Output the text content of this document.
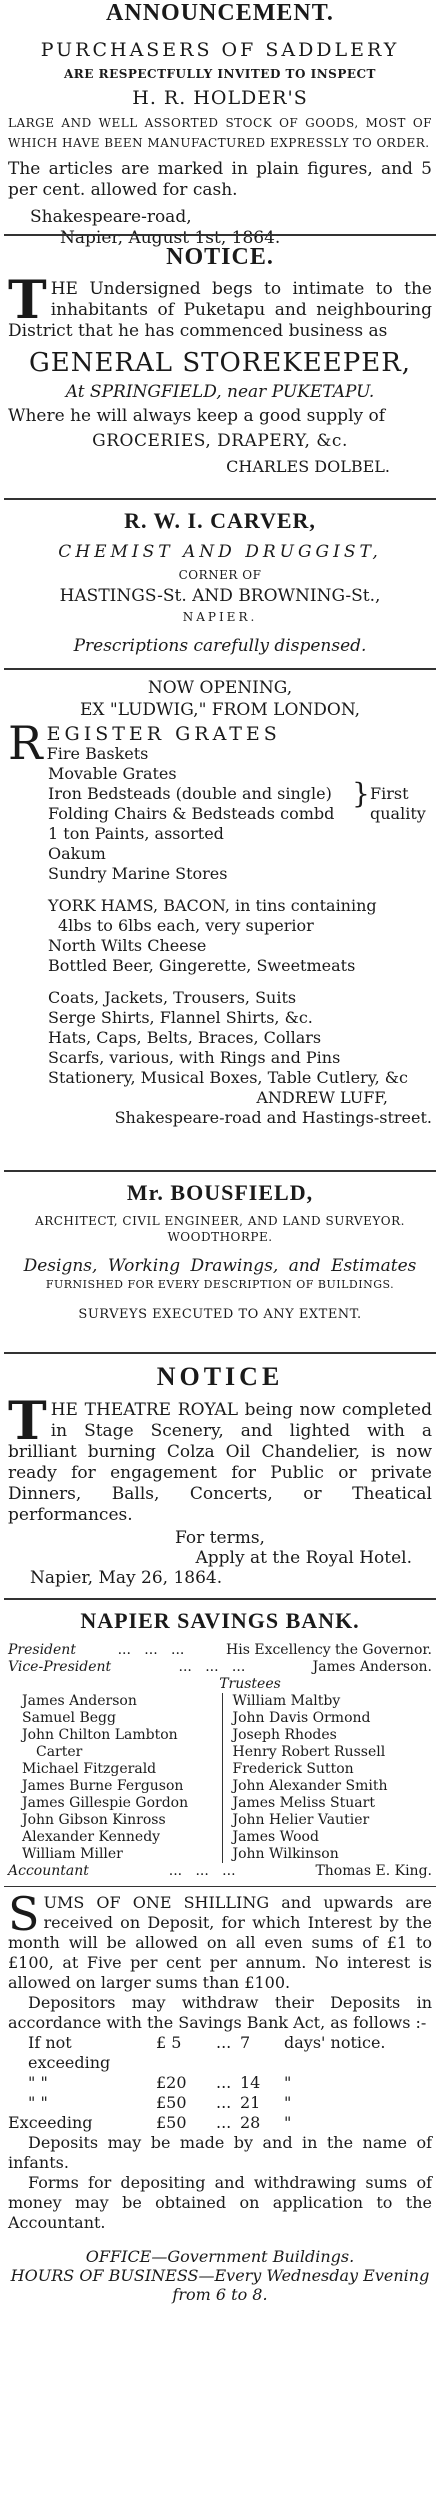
ANNOUNCEMENT.
PURCHASERS OF SADDLERY
ARE RESPECTFULLY INVITED TO INSPECT
H. R. HOLDER'S
LARGE AND WELL ASSORTED STOCK OF GOODS, MOST OF WHICH HAVE BEEN MANUFACTURED EXPRESSLY TO ORDER.
The articles are marked in plain figures, and 5 per cent. allowed for cash.
Shakespeare-road,
Napier, August 1st, 1864.
NOTICE.
THE Undersigned begs to intimate to the inhabitants of Puketapu and neighbouring District that he has commenced business as
GENERAL STOREKEEPER,
At SPRINGFIELD, near PUKETAPU.
Where he will always keep a good supply of
GROCERIES, DRAPERY, &c.
CHARLES DOLBEL.
R. W. I. CARVER,
CHEMIST AND DRUGGIST,
CORNER OF
HASTINGS-St. AND BROWNING-St.,
NAPIER.
Prescriptions carefully dispensed.
NOW OPENING,
EX "LUDWIG," FROM LONDON,
R EGISTER GRATES
Fire Baskets
Movable Grates
Iron Bedsteads (double and single)
Folding Chairs & Bedsteads combd
1 ton Paints, assorted
Oakum
Sundry Marine Stores
} First
quality
YORK HAMS, BACON, in tins containing
4lbs to 6lbs each, very superior
North Wilts Cheese
Bottled Beer, Gingerette, Sweetmeats
Coats, Jackets, Trousers, Suits
Serge Shirts, Flannel Shirts, &c.
Hats, Caps, Belts, Braces, Collars
Scarfs, various, with Rings and Pins
Stationery, Musical Boxes, Table Cutlery, &c
ANDREW LUFF,
Shakespeare-road and Hastings-street.
Mr. BOUSFIELD,
ARCHITECT, CIVIL ENGINEER, AND LAND SURVEYOR.
WOODTHORPE.
Designs, Working Drawings, and Estimates
FURNISHED FOR EVERY DESCRIPTION OF BUILDINGS.
SURVEYS EXECUTED TO ANY EXTENT.
NOTICE
THE THEATRE ROYAL being now completed in Stage Scenery, and lighted with a brilliant burning Colza Oil Chandelier, is now ready for engagement for Public or private Dinners, Balls, Concerts, or Theatical performances.
For terms,
Apply at the Royal Hotel.
Napier, May 26, 1864.
NAPIER SAVINGS BANK.
President	...   ...   ...	His Excellency the Governor.
Vice-President	...   ...   ...	James Anderson.
Trustees
James Anderson
Samuel Begg
John Chilton Lambton
Carter
Michael Fitzgerald
James Burne Ferguson
James Gillespie Gordon
John Gibson Kinross
Alexander Kennedy
William Miller
William Maltby
John Davis Ormond
Joseph Rhodes
Henry Robert Russell
Frederick Sutton
John Alexander Smith
James Meliss Stuart
John Helier Vautier
James Wood
John Wilkinson
Accountant	...   ...   ...	Thomas E. King.
SUMS OF ONE SHILLING and upwards are received on Deposit, for which Interest by the month will be allowed on all even sums of £1 to £100, at Five per cent per annum. No interest is allowed on larger sums than £100.
Depositors may withdraw their Deposits in accordance with the Savings Bank Act, as follows :-
If not exceeding
£ 5	... 7	days' notice.
" "	£20	... 14	"
" "	£50	... 21	"
Exceeding	£50	... 28	"
Deposits may be made by and in the name of infants.
Forms for depositing and withdrawing sums of money may be obtained on application to the Accountant.
OFFICE—Government Buildings.
HOURS OF BUSINESS—Every Wednesday Evening
from 6 to 8.
